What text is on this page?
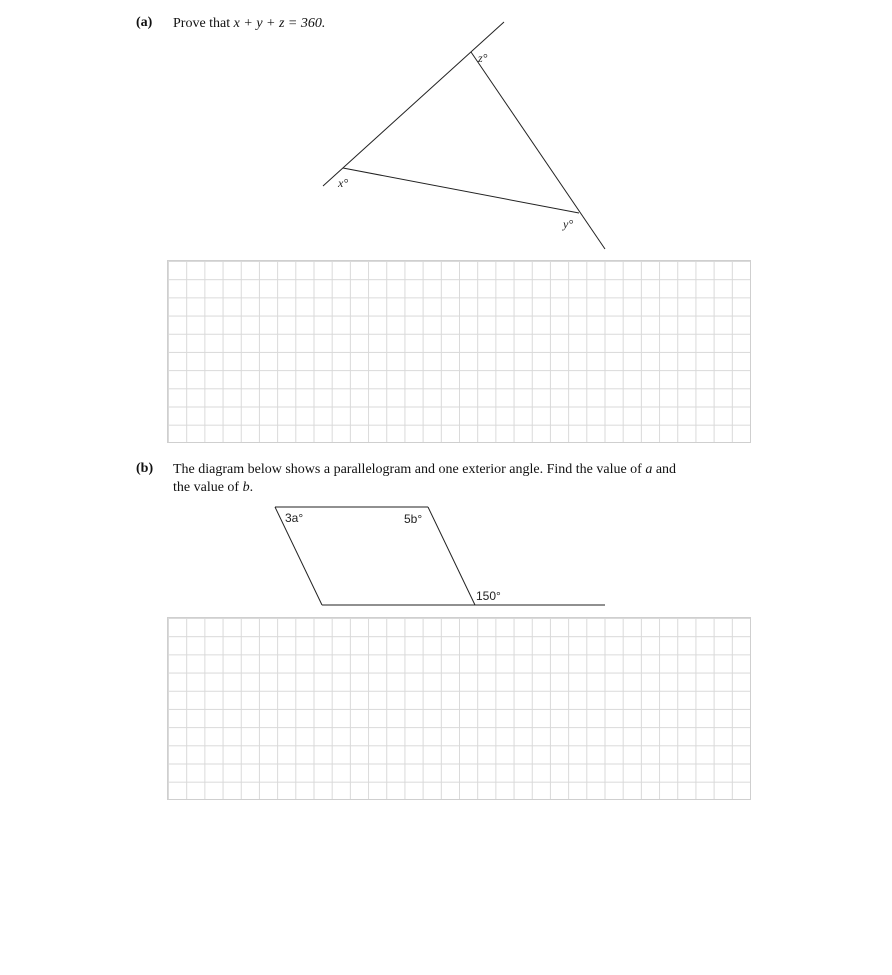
(a) Prove that x + y + z = 360.
x°
y°
z°
(b) The diagram below shows a parallelogram and one exterior angle. Find the value of a and
the value of b.
3a°	5b°
150°
